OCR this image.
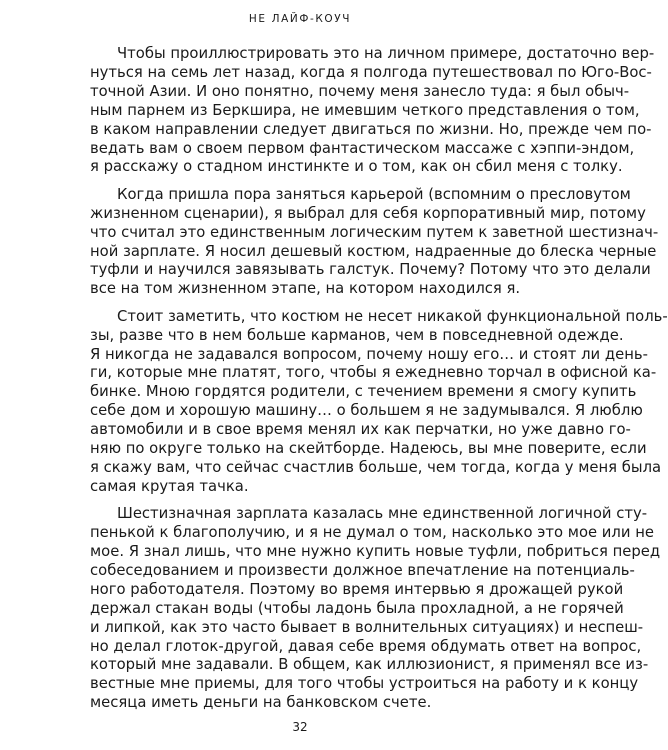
НЕ ЛАЙФ-КОУЧ
Чтобы проиллюстрировать это на личном примере, достаточно вер-
нуться на семь лет назад, когда я полгода путешествовал по Юго-Вос-
точной Азии. И оно понятно, почему меня занесло туда: я был обыч-
ным парнем из Беркшира, не имевшим четкого представления о том,
в каком направлении следует двигаться по жизни. Но, прежде чем по-
ведать вам о своем первом фантастическом массаже с хэппи-эндом,
я расскажу о стадном инстинкте и о том, как он сбил меня с толку.
Когда пришла пора заняться карьерой (вспомним о пресловутом
жизненном сценарии), я выбрал для себя корпоративный мир, потому
что считал это единственным логическим путем к заветной шестизнач-
ной зарплате. Я носил дешевый костюм, надраенные до блеска черные
туфли и научился завязывать галстук. Почему? Потому что это делали
все на том жизненном этапе, на котором находился я.
Стоит заметить, что костюм не несет никакой функциональной поль-
зы, разве что в нем больше карманов, чем в повседневной одежде.
Я никогда не задавался вопросом, почему ношу его… и стоят ли день-
ги, которые мне платят, того, чтобы я ежедневно торчал в офисной ка-
бинке. Мною гордятся родители, с течением времени я смогу купить
себе дом и хорошую машину… о большем я не задумывался. Я люблю
автомобили и в свое время менял их как перчатки, но уже давно го-
няю по округе только на скейтборде. Надеюсь, вы мне поверите, если
я скажу вам, что сейчас счастлив больше, чем тогда, когда у меня была
самая крутая тачка.
Шестизначная зарплата казалась мне единственной логичной сту-
пенькой к благополучию, и я не думал о том, насколько это мое или не
мое. Я знал лишь, что мне нужно купить новые туфли, побриться перед
собеседованием и произвести должное впечатление на потенциаль-
ного работодателя. Поэтому во время интервью я дрожащей рукой
держал стакан воды (чтобы ладонь была прохладной, а не горячей
и липкой, как это часто бывает в волнительных ситуациях) и неспеш-
но делал глоток-другой, давая себе время обдумать ответ на вопрос,
который мне задавали. В общем, как иллюзионист, я применял все из-
вестные мне приемы, для того чтобы устроиться на работу и к концу
месяца иметь деньги на банковском счете.
32
